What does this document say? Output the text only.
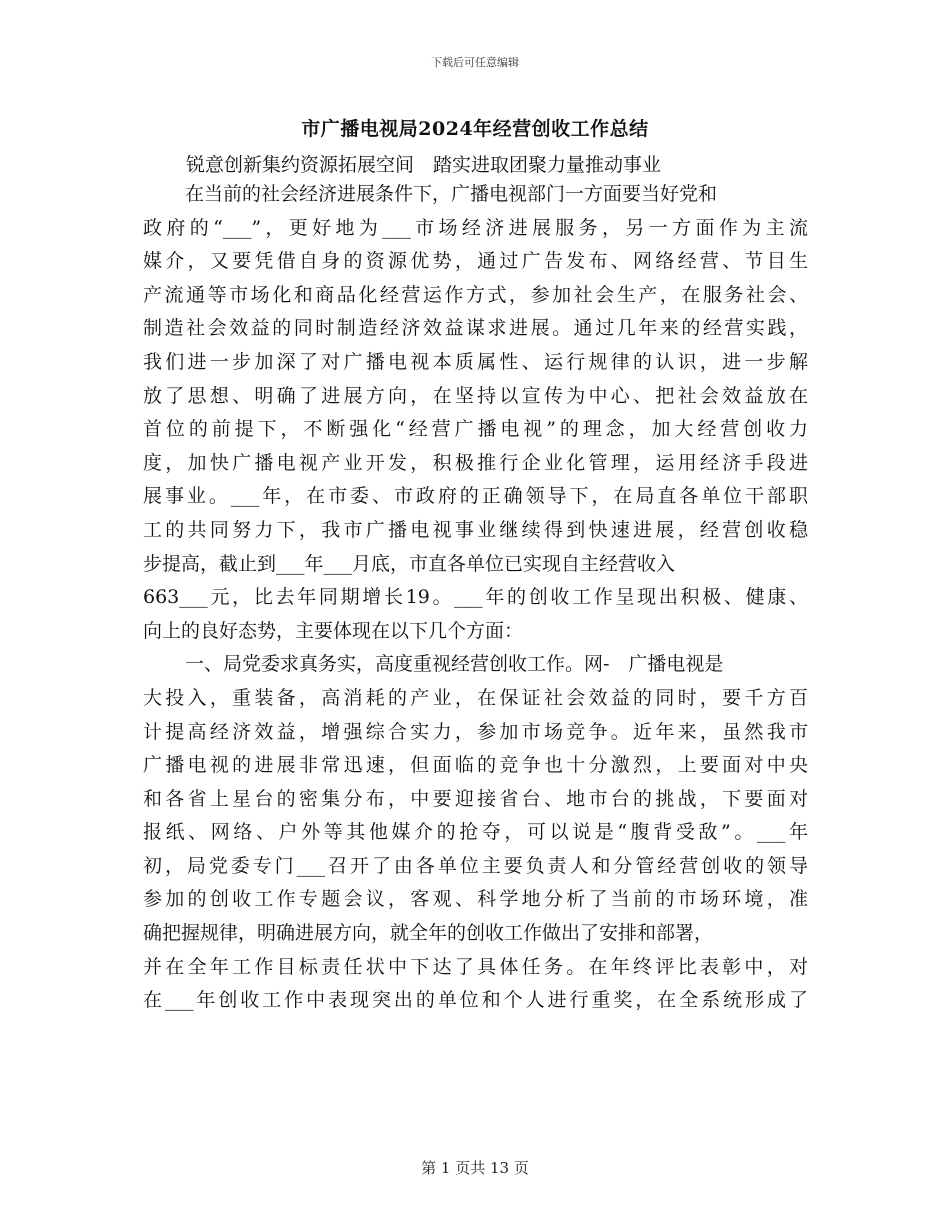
下载后可任意编辑
市广播电视局2024年经营创收工作总结
锐意创新集约资源拓展空间　踏实进取团聚力量推动事业
在当前的社会经济进展条件下，广播电视部门一方面要当好党和
政府的“___”，更好地为___市场经济进展服务，另一方面作为主流
媒介，又要凭借自身的资源优势，通过广告发布、网络经营、节目生
产流通等市场化和商品化经营运作方式，参加社会生产，在服务社会、
制造社会效益的同时制造经济效益谋求进展。通过几年来的经营实践，
我们进一步加深了对广播电视本质属性、运行规律的认识，进一步解
放了思想、明确了进展方向，在坚持以宣传为中心、把社会效益放在
首位的前提下，不断强化“经营广播电视”的理念，加大经营创收力
度，加快广播电视产业开发，积极推行企业化管理，运用经济手段进
展事业。___年，在市委、市政府的正确领导下，在局直各单位干部职
工的共同努力下，我市广播电视事业继续得到快速进展，经营创收稳
步提高，截止到___年___月底，市直各单位已实现自主经营收入
663___元，比去年同期增长19。___年的创收工作呈现出积极、健康、
向上的良好态势，主要体现在以下几个方面：
一、局党委求真务实，高度重视经营创收工作。网-　广播电视是
大投入，重装备，高消耗的产业，在保证社会效益的同时，要千方百
计提高经济效益，增强综合实力，参加市场竞争。近年来，虽然我市
广播电视的进展非常迅速，但面临的竞争也十分激烈，上要面对中央
和各省上星台的密集分布，中要迎接省台、地市台的挑战，下要面对
报纸、网络、户外等其他媒介的抢夺，可以说是“腹背受敌”。___年
初，局党委专门___召开了由各单位主要负责人和分管经营创收的领导
参加的创收工作专题会议，客观、科学地分析了当前的市场环境，准
确把握规律，明确进展方向，就全年的创收工作做出了安排和部署，
并在全年工作目标责任状中下达了具体任务。在年终评比表彰中，对
在___年创收工作中表现突出的单位和个人进行重奖，在全系统形成了
第 1 页共 13 页
